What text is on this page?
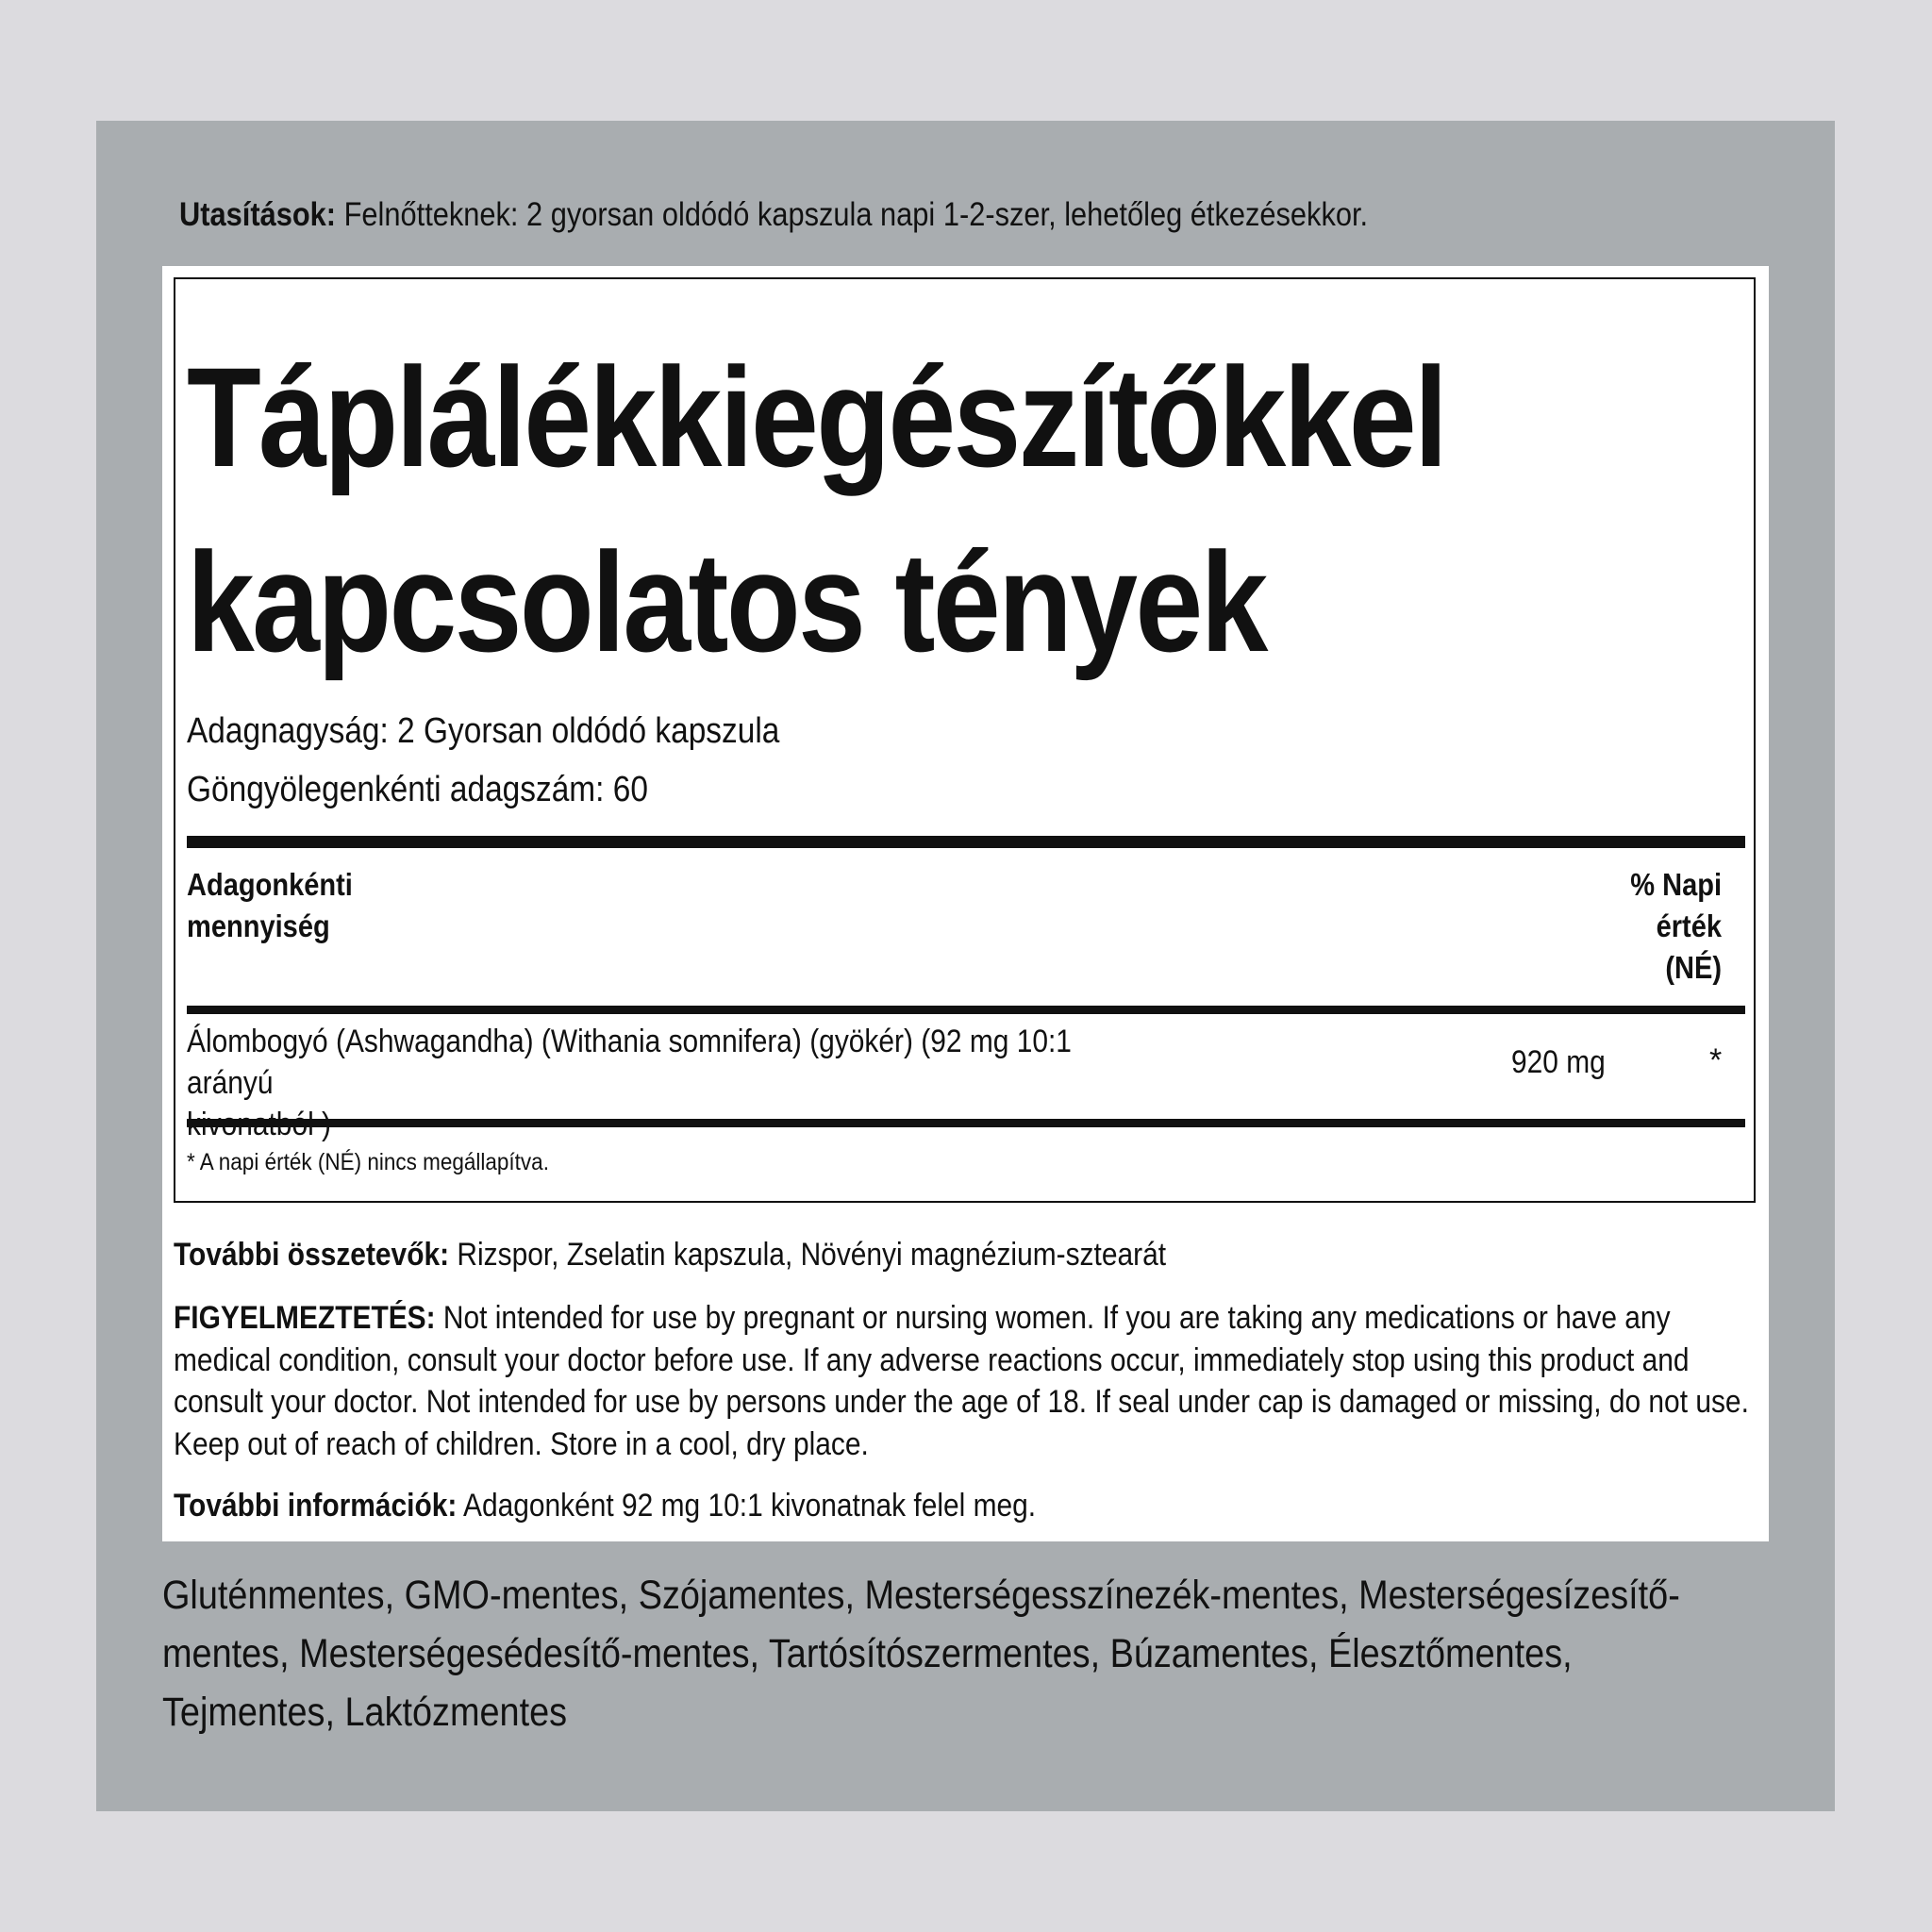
Utasítások: Felnőtteknek: 2 gyorsan oldódó kapszula napi 1-2-szer, lehetőleg étkezésekkor.
Táplálékkiegészítőkkel
kapcsolatos tények
Adagnagyság: 2 Gyorsan oldódó kapszula
Göngyölegenkénti adagszám: 60
Adagonkénti
mennyiség
% Napi
érték
(NÉ)
Álombogyó (Ashwagandha) (Withania somnifera) (gyökér) (92 mg 10:1 arányú
920 mg	*
* A napi érték (NÉ) nincs megállapítva.
További összetevők: Rizspor, Zselatin kapszula, Növényi magnézium-sztearát
FIGYELMEZTETÉS: Not intended for use by pregnant or nursing women. If you are taking any medications or have any medical condition, consult your doctor before use. If any adverse reactions occur, immediately stop using this product and consult your doctor. Not intended for use by persons under the age of 18. If seal under cap is damaged or missing, do not use. Keep out of reach of children. Store in a cool, dry place.
További információk: Adagonként 92 mg 10:1 kivonatnak felel meg.
Gluténmentes, GMO-mentes, Szójamentes, Mesterségesszínezék-mentes, Mesterségesízesítő-
mentes, Mesterségesédesítő-mentes, Tartósítószermentes, Búzamentes, Élesztőmentes,
Tejmentes, Laktózmentes
